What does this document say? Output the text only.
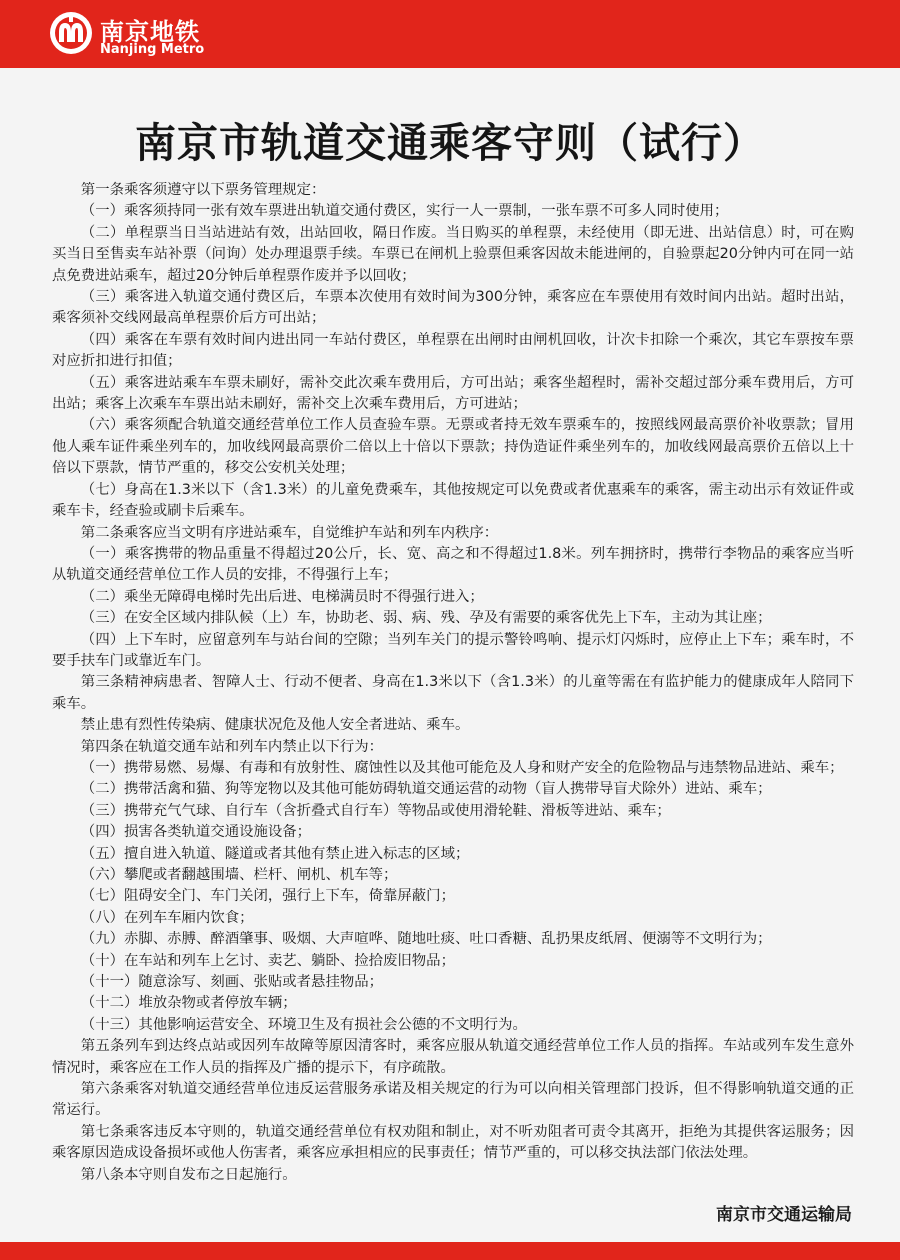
南京地铁
Nanjing Metro
南京市轨道交通乘客守则（试行）

第一条乘客须遵守以下票务管理规定：

（一）乘客须持同一张有效车票进出轨道交通付费区，实行一人一票制，一张车票不可多人同时使用；

（二）单程票当日当站进站有效，出站回收，隔日作废。当日购买的单程票，未经使用（即无进、出站信息）时，可在购买当日至售卖车站补票（问询）处办理退票手续。车票已在闸机上验票但乘客因故未能进闸的，自验票起20分钟内可在同一站点免费进站乘车，超过20分钟后单程票作废并予以回收；

（三）乘客进入轨道交通付费区后，车票本次使用有效时间为300分钟，乘客应在车票使用有效时间内出站。超时出站，乘客须补交线网最高单程票价后方可出站；

（四）乘客在车票有效时间内进出同一车站付费区，单程票在出闸时由闸机回收，计次卡扣除一个乘次，其它车票按车票对应折扣进行扣值；

（五）乘客进站乘车车票未刷好，需补交此次乘车费用后，方可出站；乘客坐超程时，需补交超过部分乘车费用后，方可出站；乘客上次乘车车票出站未刷好，需补交上次乘车费用后，方可进站；

（六）乘客须配合轨道交通经营单位工作人员查验车票。无票或者持无效车票乘车的，按照线网最高票价补收票款；冒用他人乘车证件乘坐列车的，加收线网最高票价二倍以上十倍以下票款；持伪造证件乘坐列车的，加收线网最高票价五倍以上十倍以下票款，情节严重的，移交公安机关处理；

（七）身高在1.3米以下（含1.3米）的儿童免费乘车，其他按规定可以免费或者优惠乘车的乘客，需主动出示有效证件或乘车卡，经查验或刷卡后乘车。

第二条乘客应当文明有序进站乘车，自觉维护车站和列车内秩序：

（一）乘客携带的物品重量不得超过20公斤，长、宽、高之和不得超过1.8米。列车拥挤时，携带行李物品的乘客应当听从轨道交通经营单位工作人员的安排，不得强行上车；

（二）乘坐无障碍电梯时先出后进、电梯满员时不得强行进入；

（三）在安全区域内排队候（上）车，协助老、弱、病、残、孕及有需要的乘客优先上下车，主动为其让座；

（四）上下车时，应留意列车与站台间的空隙；当列车关门的提示警铃鸣响、提示灯闪烁时，应停止上下车；乘车时，不要手扶车门或靠近车门。

第三条精神病患者、智障人士、行动不便者、身高在1.3米以下（含1.3米）的儿童等需在有监护能力的健康成年人陪同下乘车。

禁止患有烈性传染病、健康状况危及他人安全者进站、乘车。

第四条在轨道交通车站和列车内禁止以下行为：

（一）携带易燃、易爆、有毒和有放射性、腐蚀性以及其他可能危及人身和财产安全的危险物品与违禁物品进站、乘车；

（二）携带活禽和猫、狗等宠物以及其他可能妨碍轨道交通运营的动物（盲人携带导盲犬除外）进站、乘车；

（三）携带充气气球、自行车（含折叠式自行车）等物品或使用滑轮鞋、滑板等进站、乘车；

（四）损害各类轨道交通设施设备；

（五）擅自进入轨道、隧道或者其他有禁止进入标志的区域；

（六）攀爬或者翻越围墙、栏杆、闸机、机车等；

（七）阻碍安全门、车门关闭，强行上下车，倚靠屏蔽门；

（八）在列车车厢内饮食；

（九）赤脚、赤膊、醉酒肇事、吸烟、大声喧哗、随地吐痰、吐口香糖、乱扔果皮纸屑、便溺等不文明行为；

（十）在车站和列车上乞讨、卖艺、躺卧、捡拾废旧物品；

（十一）随意涂写、刻画、张贴或者悬挂物品；

（十二）堆放杂物或者停放车辆；

（十三）其他影响运营安全、环境卫生及有损社会公德的不文明行为。

第五条列车到达终点站或因列车故障等原因清客时，乘客应服从轨道交通经营单位工作人员的指挥。车站或列车发生意外情况时，乘客应在工作人员的指挥及广播的提示下，有序疏散。

第六条乘客对轨道交通经营单位违反运营服务承诺及相关规定的行为可以向相关管理部门投诉，但不得影响轨道交通的正常运行。

第七条乘客违反本守则的，轨道交通经营单位有权劝阻和制止，对不听劝阻者可责令其离开，拒绝为其提供客运服务；因乘客原因造成设备损坏或他人伤害者，乘客应承担相应的民事责任；情节严重的，可以移交执法部门依法处理。

第八条本守则自发布之日起施行。

南京市交通运输局
